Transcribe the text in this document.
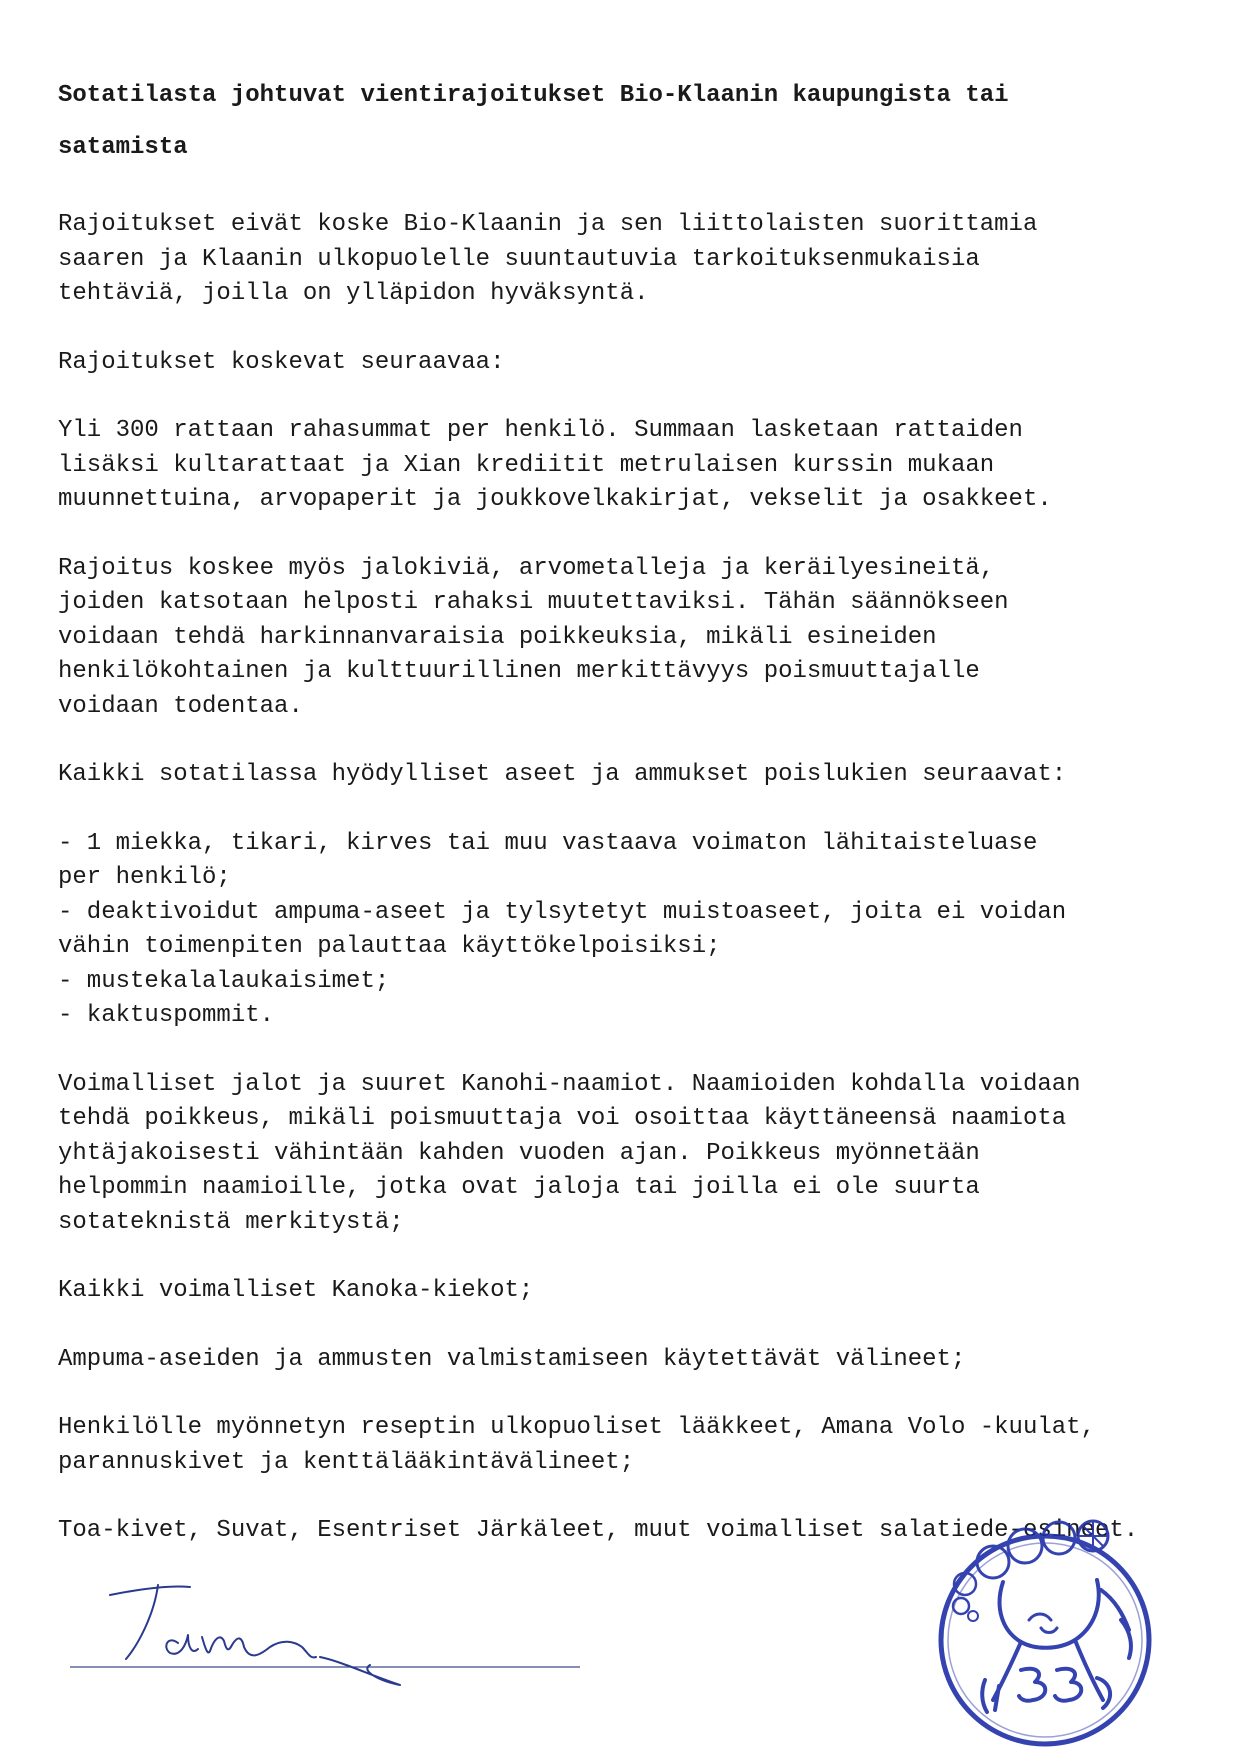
Sotatilasta johtuvat vientirajoitukset Bio-Klaanin kaupungista tai
satamista

Rajoitukset eivät koske Bio-Klaanin ja sen liittolaisten suorittamia
saaren ja Klaanin ulkopuolelle suuntautuvia tarkoituksenmukaisia
tehtäviä, joilla on ylläpidon hyväksyntä.

Rajoitukset koskevat seuraavaa:

Yli 300 rattaan rahasummat per henkilö. Summaan lasketaan rattaiden
lisäksi kultarattaat ja Xian krediitit metrulaisen kurssin mukaan
muunnettuina, arvopaperit ja joukkovelkakirjat, vekselit ja osakkeet.

Rajoitus koskee myös jalokiviä, arvometalleja ja keräilyesineitä,
joiden katsotaan helposti rahaksi muutettaviksi. Tähän säännökseen
voidaan tehdä harkinnanvaraisia poikkeuksia, mikäli esineiden
henkilökohtainen ja kulttuurillinen merkittävyys poismuuttajalle
voidaan todentaa.

Kaikki sotatilassa hyödylliset aseet ja ammukset poislukien seuraavat:

- 1 miekka, tikari, kirves tai muu vastaava voimaton lähitaisteluase
per henkilö;
- deaktivoidut ampuma-aseet ja tylsytetyt muistoaseet, joita ei voidan
vähin toimenpiten palauttaa käyttökelpoisiksi;
- mustekalalaukaisimet;
- kaktuspommit.

Voimalliset jalot ja suuret Kanohi-naamiot. Naamioiden kohdalla voidaan
tehdä poikkeus, mikäli poismuuttaja voi osoittaa käyttäneensä naamiota
yhtäjakoisesti vähintään kahden vuoden ajan. Poikkeus myönnetään
helpommin naamioille, jotka ovat jaloja tai joilla ei ole suurta
sotateknistä merkitystä;

Kaikki voimalliset Kanoka-kiekot;

Ampuma-aseiden ja ammusten valmistamiseen käytettävät välineet;

Henkilölle myönnetyn reseptin ulkopuoliset lääkkeet, Amana Volo -kuulat,
parannuskivet ja kenttälääkintävälineet;

Toa-kivet, Suvat, Esentriset Järkäleet, muut voimalliset salatiede-esineet.
